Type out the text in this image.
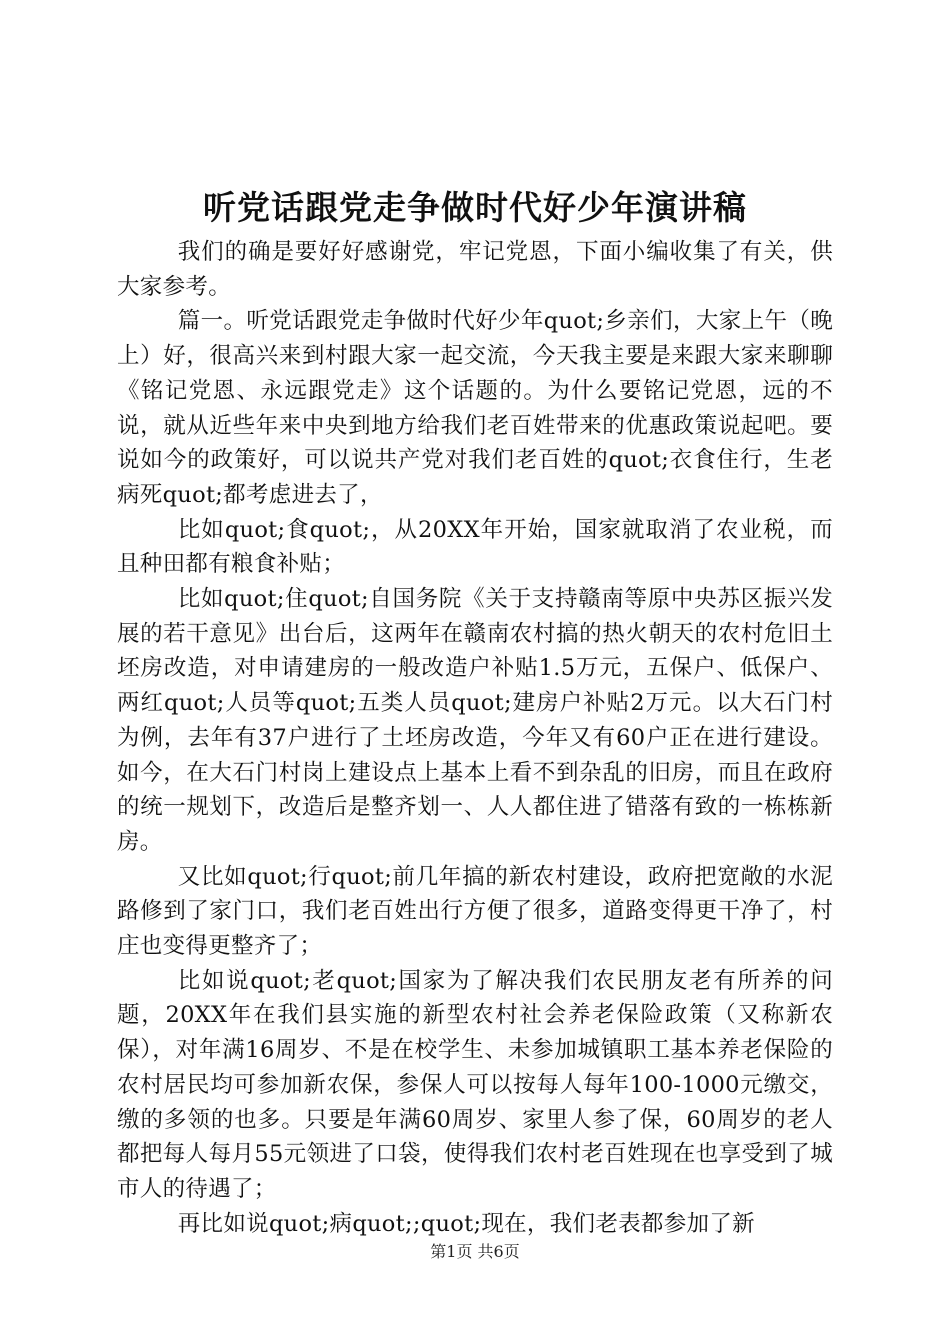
听党话跟党走争做时代好少年演讲稿

我们的确是要好好感谢党，牢记党恩，下面小编收集了有关，供大家参考。

篇一。听党话跟党走争做时代好少年quot;乡亲们，大家上午（晚上）好，很高兴来到村跟大家一起交流，今天我主要是来跟大家来聊聊《铭记党恩、永远跟党走》这个话题的。为什么要铭记党恩，远的不说，就从近些年来中央到地方给我们老百姓带来的优惠政策说起吧。要说如今的政策好，可以说共产党对我们老百姓的quot;衣食住行，生老病死quot;都考虑进去了，

比如quot;食quot;，从20XX年开始，国家就取消了农业税，而且种田都有粮食补贴；

比如quot;住quot;自国务院《关于支持赣南等原中央苏区振兴发展的若干意见》出台后，这两年在赣南农村搞的热火朝天的农村危旧土坯房改造，对申请建房的一般改造户补贴1.5万元，五保户、低保户、两红quot;人员等quot;五类人员quot;建房户补贴2万元。以大石门村为例，去年有37户进行了土坯房改造，今年又有60户正在进行建设。如今，在大石门村岗上建设点上基本上看不到杂乱的旧房，而且在政府的统一规划下，改造后是整齐划一、人人都住进了错落有致的一栋栋新房。

又比如quot;行quot;前几年搞的新农村建设，政府把宽敞的水泥路修到了家门口，我们老百姓出行方便了很多，道路变得更干净了，村庄也变得更整齐了；

比如说quot;老quot;国家为了解决我们农民朋友老有所养的问题，20XX年在我们县实施的新型农村社会养老保险政策（又称新农保），对年满16周岁、不是在校学生、未参加城镇职工基本养老保险的农村居民均可参加新农保，参保人可以按每人每年100-1000元缴交，缴的多领的也多。只要是年满60周岁、家里人参了保，60周岁的老人都把每人每月55元领进了口袋，使得我们农村老百姓现在也享受到了城市人的待遇了；

再比如说quot;病quot;;quot;现在，我们老表都参加了新

第1页 共6页
